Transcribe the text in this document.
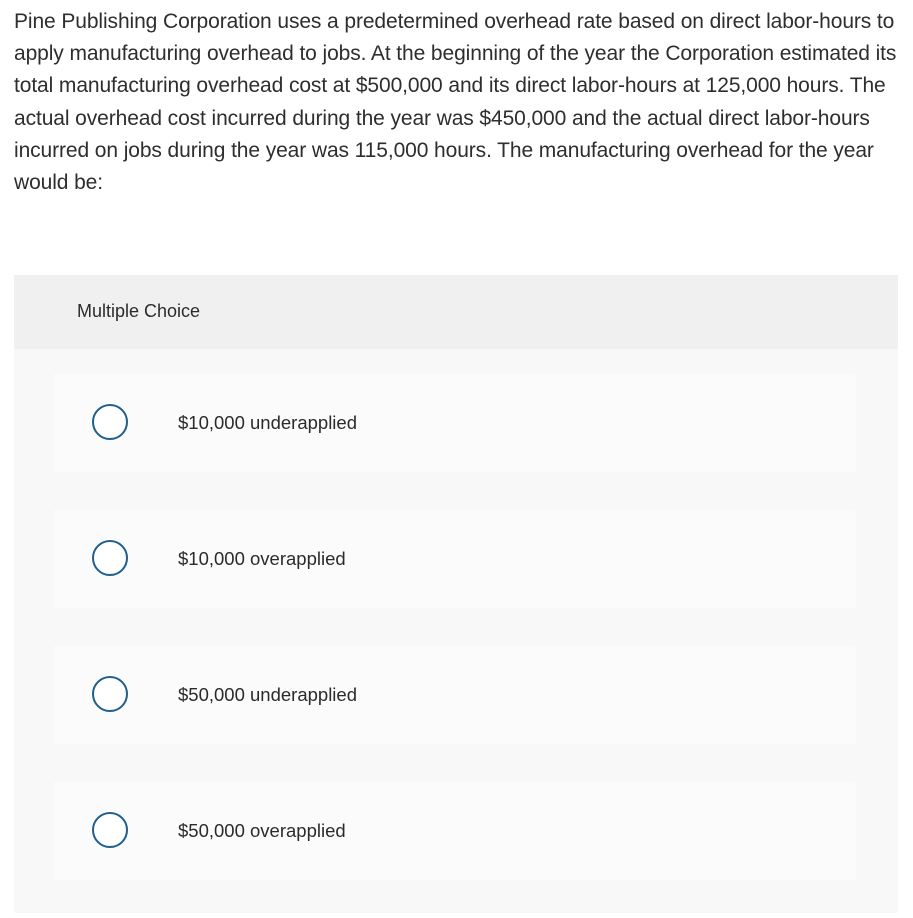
Pine Publishing Corporation uses a predetermined overhead rate based on direct labor-hours to apply manufacturing overhead to jobs. At the beginning of the year the Corporation estimated its total manufacturing overhead cost at $500,000 and its direct labor-hours at 125,000 hours. The actual overhead cost incurred during the year was $450,000 and the actual direct labor-hours incurred on jobs during the year was 115,000 hours. The manufacturing overhead for the year would be:

Multiple Choice
$10,000 underapplied
$10,000 overapplied
$50,000 underapplied
$50,000 overapplied
